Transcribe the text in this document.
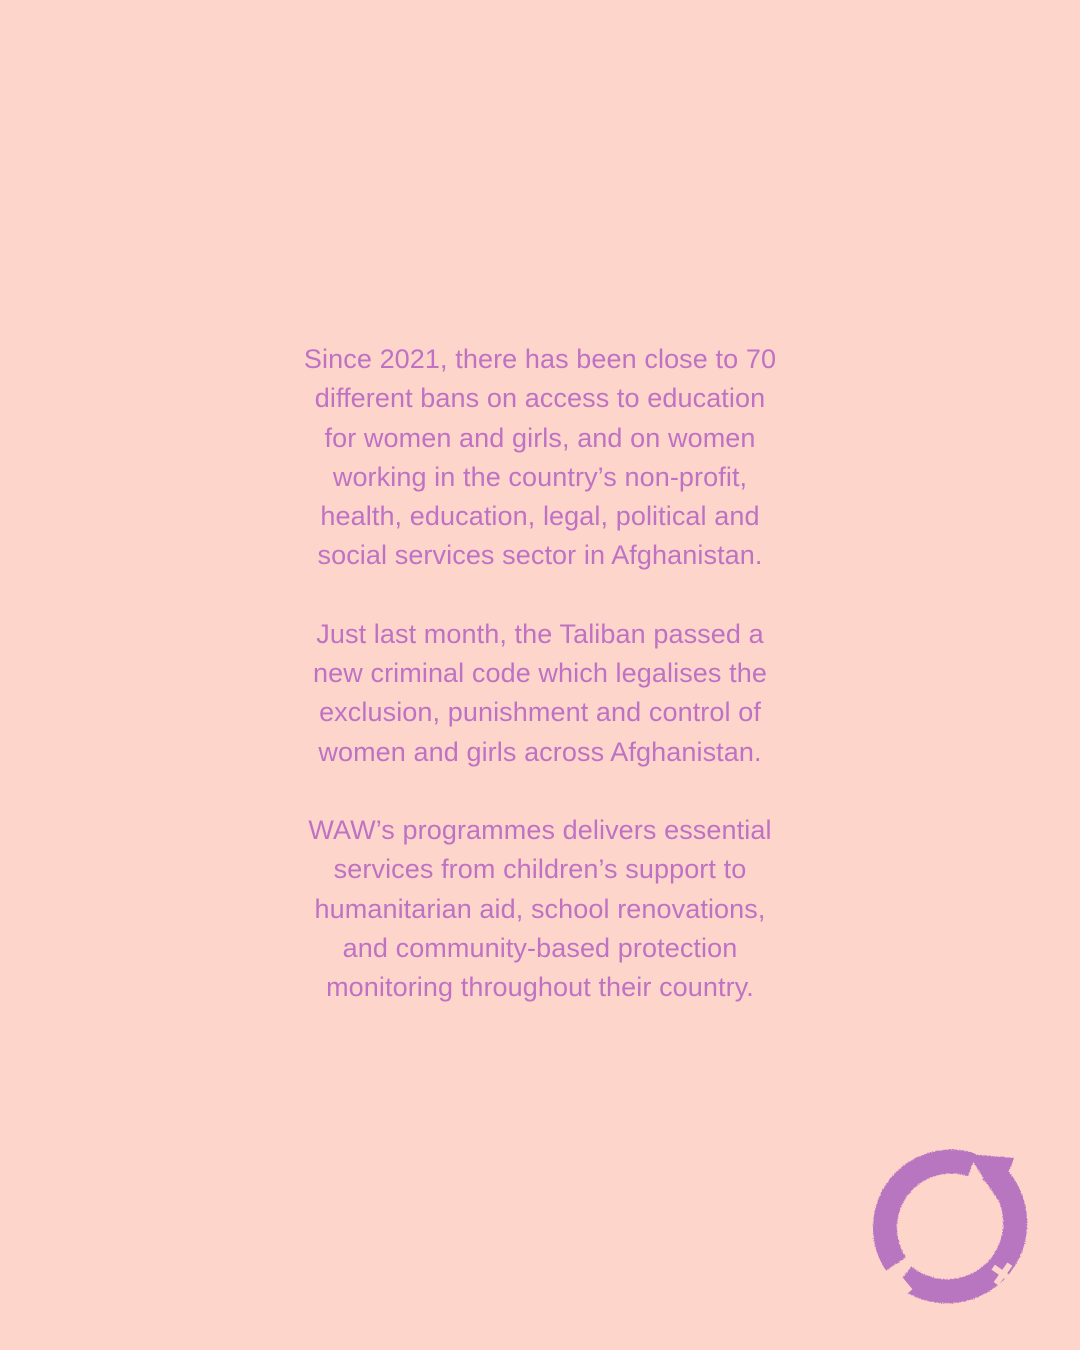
Since 2021, there has been close to 70
different bans on access to education
for women and girls, and on women
working in the country’s non-profit,
health, education, legal, political and
social services sector in Afghanistan.

Just last month, the Taliban passed a
new criminal code which legalises the
exclusion, punishment and control of
women and girls across Afghanistan.

WAW’s programmes delivers essential
services from children’s support to
humanitarian aid, school renovations,
and community-based protection
monitoring throughout their country.
